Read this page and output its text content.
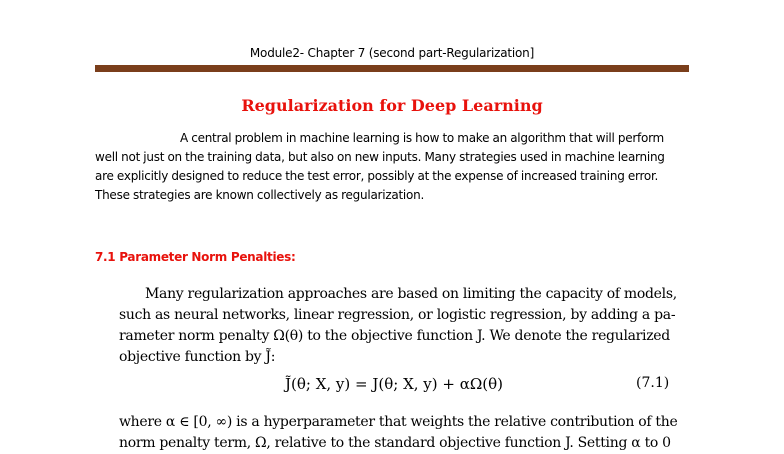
Module2- Chapter 7 (second part-Regularization]
Regularization for Deep Learning
A central problem in machine learning is how to make an algorithm that will perform
well not just on the training data, but also on new inputs. Many strategies used in machine learning
are explicitly designed to reduce the test error, possibly at the expense of increased training error.
These strategies are known collectively as regularization.
7.1 Parameter Norm Penalties:
Many regularization approaches are based on limiting the capacity of models,
such as neural networks, linear regression, or logistic regression, by adding a pa-
rameter norm penalty Ω(θ) to the objective function J. We denote the regularized
objective function by J̃:
J̃(θ; X, y) = J(θ; X, y) + αΩ(θ)	(7.1)
where α ∈ [0, ∞) is a hyperparameter that weights the relative contribution of the
norm penalty term, Ω, relative to the standard objective function J. Setting α to 0
